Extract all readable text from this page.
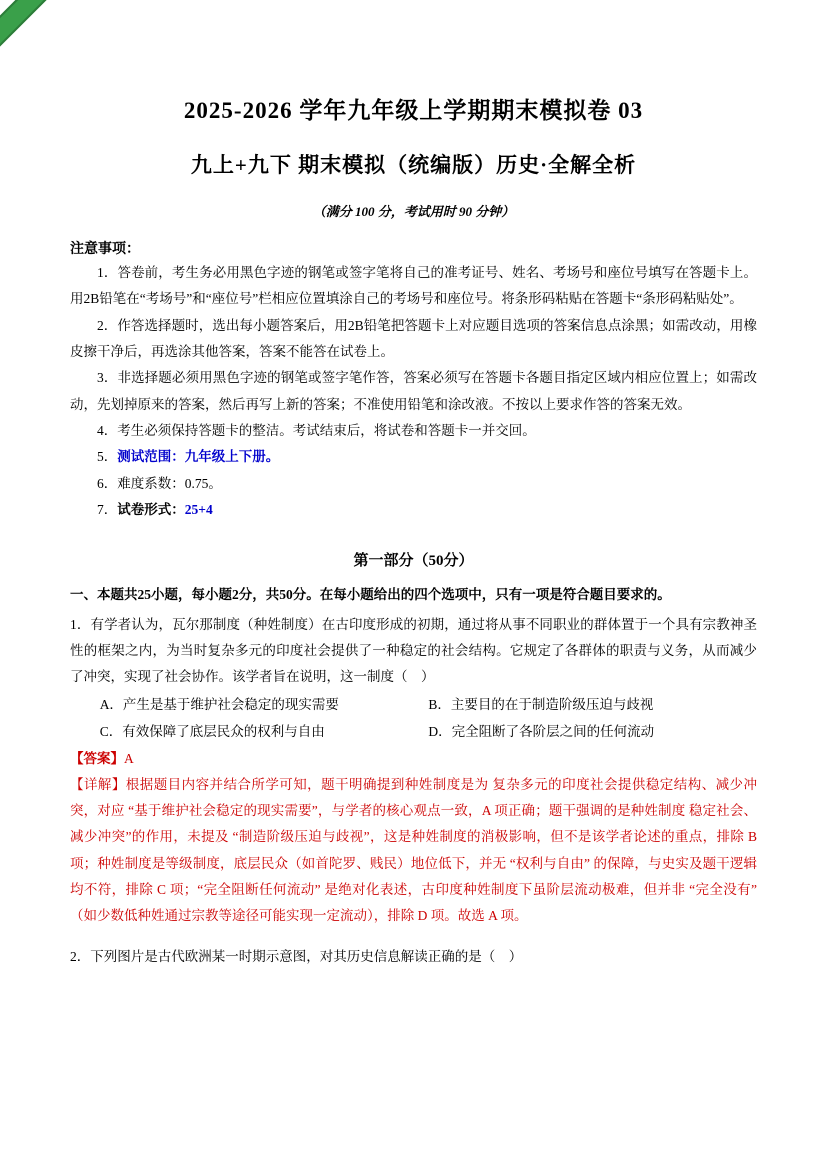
2025-2026 学年九年级上学期期末模拟卷 03
九上+九下 期末模拟（统编版）历史·全解全析

（满分 100 分，考试用时 90 分钟）

注意事项：

1．答卷前，考生务必用黑色字迹的钢笔或签字笔将自己的准考证号、姓名、考场号和座位号填写在答题卡上。用2B铅笔在“考场号”和“座位号”栏相应位置填涂自己的考场号和座位号。将条形码粘贴在答题卡“条形码粘贴处”。

2．作答选择题时，选出每小题答案后，用2B铅笔把答题卡上对应题目选项的答案信息点涂黑；如需改动，用橡皮擦干净后，再选涂其他答案，答案不能答在试卷上。

3．非选择题必须用黑色字迹的钢笔或签字笔作答，答案必须写在答题卡各题目指定区域内相应位置上；如需改动，先划掉原来的答案，然后再写上新的答案；不准使用铅笔和涂改液。不按以上要求作答的答案无效。

4．考生必须保持答题卡的整洁。考试结束后，将试卷和答题卡一并交回。

5．测试范围：九年级上下册。

6．难度系数：0.75。

7．试卷形式：25+4

第一部分（50分）

一、本题共25小题，每小题2分，共50分。在每小题给出的四个选项中，只有一项是符合题目要求的。

1．有学者认为，瓦尔那制度（种姓制度）在古印度形成的初期，通过将从事不同职业的群体置于一个具有宗教神圣性的框架之内，为当时复杂多元的印度社会提供了一种稳定的社会结构。它规定了各群体的职责与义务，从而减少了冲突，实现了社会协作。该学者旨在说明，这一制度（　）

A．产生是基于维护社会稳定的现实需要	B．主要目的在于制造阶级压迫与歧视
C．有效保障了底层民众的权利与自由	D．完全阻断了各阶层之间的任何流动

【答案】A

【详解】根据题目内容并结合所学可知，题干明确提到种姓制度是为 复杂多元的印度社会提供稳定结构、减少冲突，对应 “基于维护社会稳定的现实需要”，与学者的核心观点一致，A 项正确；题干强调的是种姓制度 稳定社会、减少冲突”的作用，未提及 “制造阶级压迫与歧视”，这是种姓制度的消极影响，但不是该学者论述的重点，排除 B 项；种姓制度是等级制度，底层民众（如首陀罗、贱民）地位低下，并无 “权利与自由” 的保障，与史实及题干逻辑均不符，排除 C 项；“完全阻断任何流动” 是绝对化表述，古印度种姓制度下虽阶层流动极难，但并非 “完全没有”（如少数低种姓通过宗教等途径可能实现一定流动），排除 D 项。故选 A 项。

2．下列图片是古代欧洲某一时期示意图，对其历史信息解读正确的是（　）
